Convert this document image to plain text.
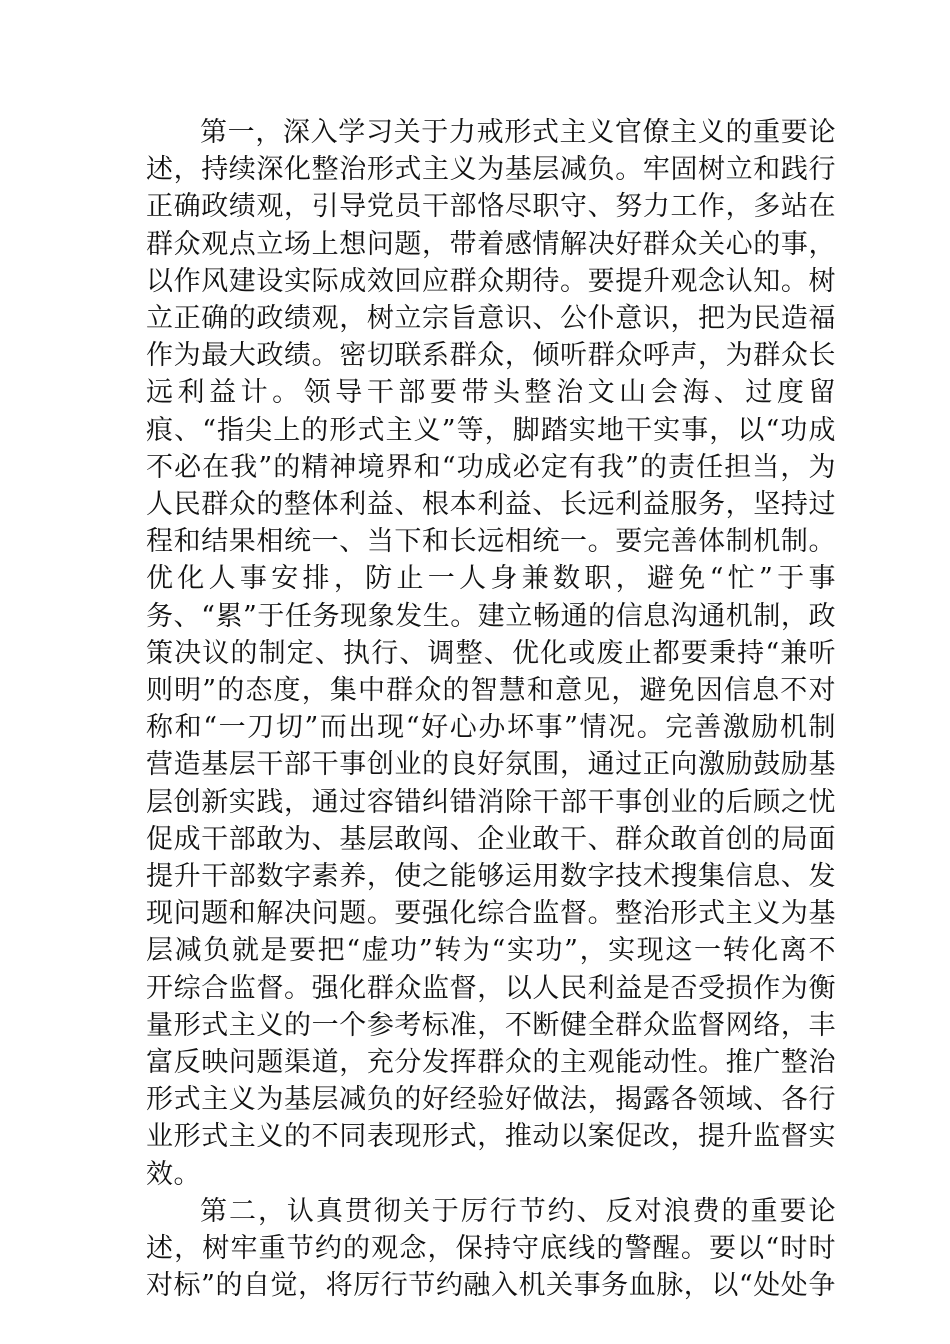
第一，深入学习关于力戒形式主义官僚主义的重要论述，持续深化整治形式主义为基层减负。牢固树立和践行正确政绩观，引导党员干部恪尽职守、努力工作，多站在群众观点立场上想问题，带着感情解决好群众关心的事，以作风建设实际成效回应群众期待。要提升观念认知。树立正确的政绩观，树立宗旨意识、公仆意识，把为民造福作为最大政绩。密切联系群众，倾听群众呼声，为群众长远利益计。领导干部要带头整治文山会海、过度留痕、“指尖上的形式主义”等，脚踏实地干实事，以“功成不必在我”的精神境界和“功成必定有我”的责任担当，为人民群众的整体利益、根本利益、长远利益服务，坚持过程和结果相统一、当下和长远相统一。要完善体制机制。优化人事安排，防止一人身兼数职，避免“忙”于事务、“累”于任务现象发生。建立畅通的信息沟通机制，政策决议的制定、执行、调整、优化或废止都要秉持“兼听则明”的态度，集中群众的智慧和意见，避免因信息不对称和“一刀切”而出现“好心办坏事”情况。完善激励机制营造基层干部干事创业的良好氛围，通过正向激励鼓励基层创新实践，通过容错纠错消除干部干事创业的后顾之忧促成干部敢为、基层敢闯、企业敢干、群众敢首创的局面提升干部数字素养，使之能够运用数字技术搜集信息、发现问题和解决问题。要强化综合监督。整治形式主义为基层减负就是要把“虚功”转为“实功”，实现这一转化离不开综合监督。强化群众监督，以人民利益是否受损作为衡量形式主义的一个参考标准，不断健全群众监督网络，丰富反映问题渠道，充分发挥群众的主观能动性。推广整治形式主义为基层减负的好经验好做法，揭露各领域、各行业形式主义的不同表现形式，推动以案促改，提升监督实效。

第二，认真贯彻关于厉行节约、反对浪费的重要论述，树牢重节约的观念，保持守底线的警醒。要以“时时对标”的自觉，将厉行节约融入机关事务血脉，以“处处争
